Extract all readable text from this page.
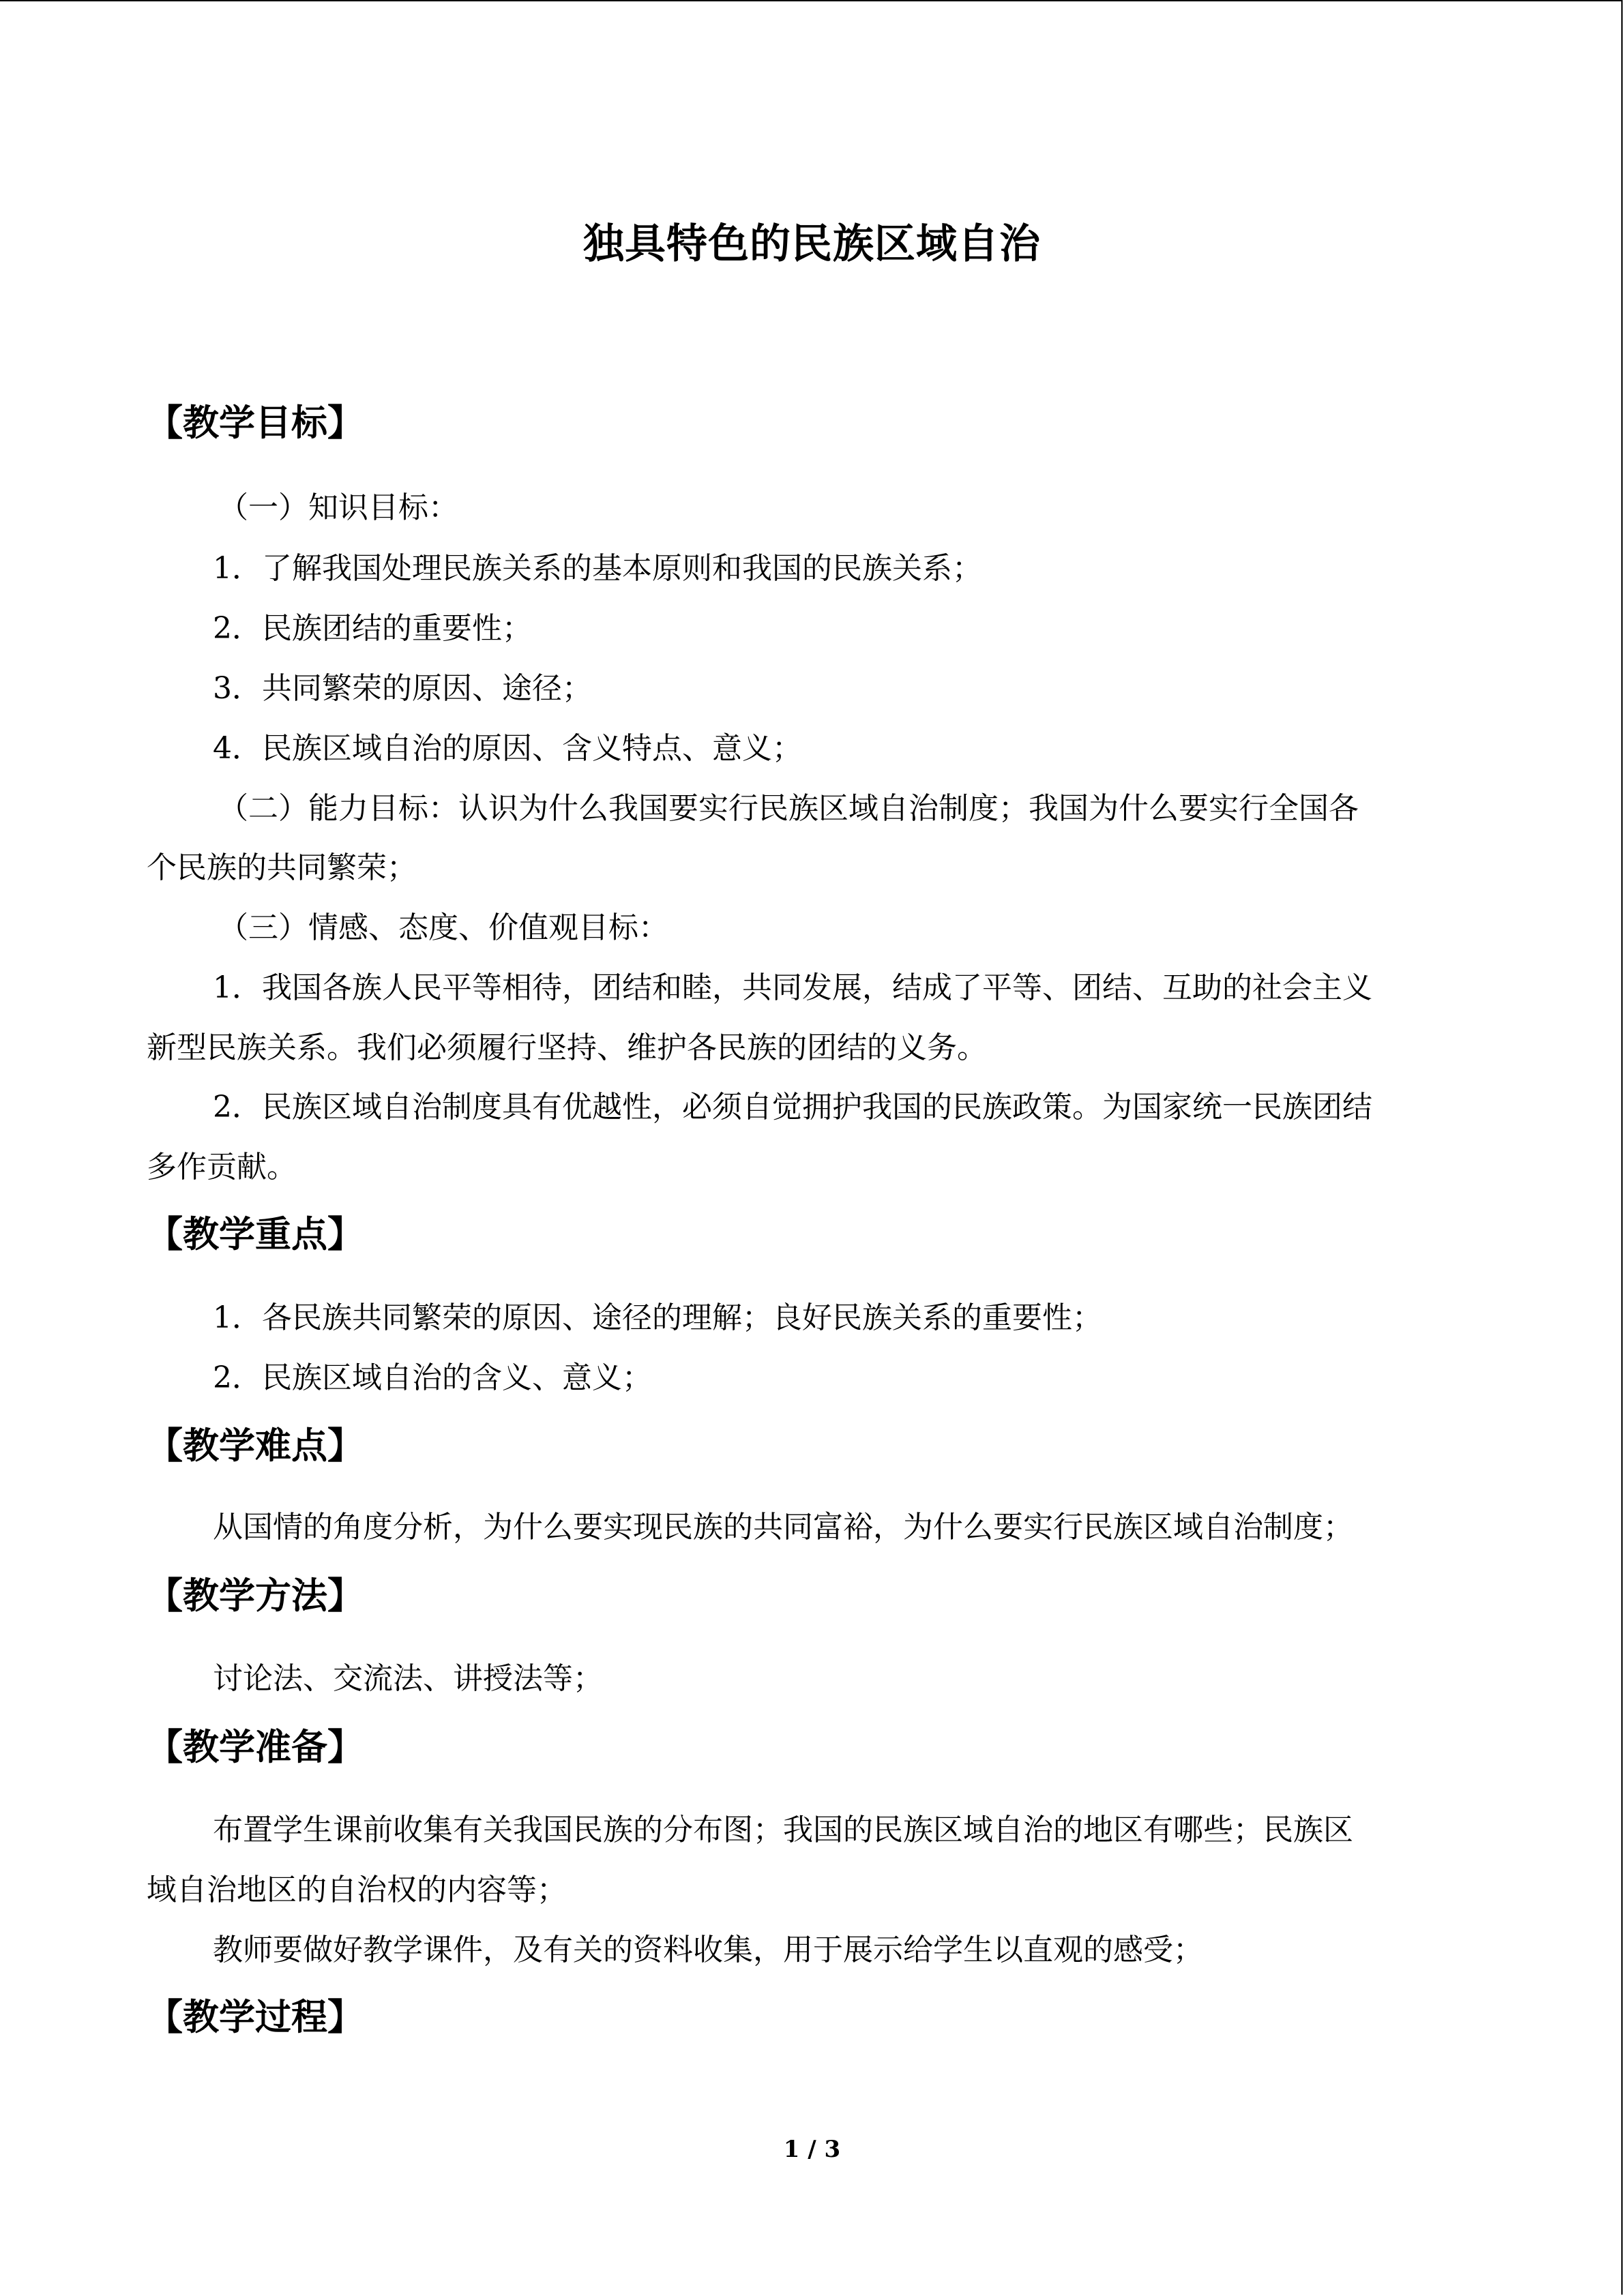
独具特色的民族区域自治
【教学目标】
（一）知识目标：
1．了解我国处理民族关系的基本原则和我国的民族关系；
2．民族团结的重要性；
3．共同繁荣的原因、途径；
4．民族区域自治的原因、含义特点、意义；
（二）能力目标：认识为什么我国要实行民族区域自治制度；我国为什么要实行全国各
个民族的共同繁荣；
（三）情感、态度、价值观目标：
1．我国各族人民平等相待，团结和睦，共同发展，结成了平等、团结、互助的社会主义
新型民族关系。我们必须履行坚持、维护各民族的团结的义务。
2．民族区域自治制度具有优越性，必须自觉拥护我国的民族政策。为国家统一民族团结
多作贡献。
【教学重点】
1．各民族共同繁荣的原因、途径的理解；良好民族关系的重要性；
2．民族区域自治的含义、意义；
【教学难点】
从国情的角度分析，为什么要实现民族的共同富裕，为什么要实行民族区域自治制度；
【教学方法】
讨论法、交流法、讲授法等；
【教学准备】
布置学生课前收集有关我国民族的分布图；我国的民族区域自治的地区有哪些；民族区
域自治地区的自治权的内容等；
教师要做好教学课件，及有关的资料收集，用于展示给学生以直观的感受；
【教学过程】
1 / 3
